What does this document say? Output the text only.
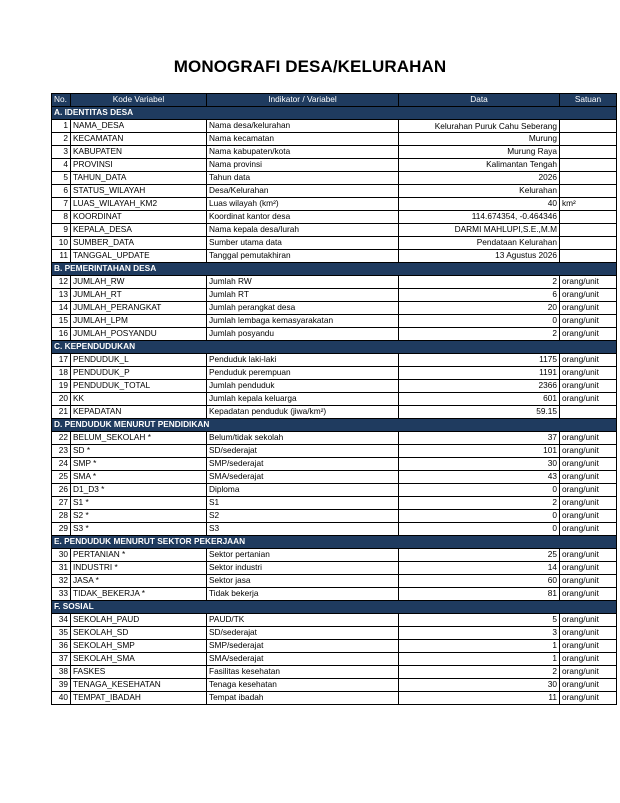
MONOGRAFI DESA/KELURAHAN
No.	Kode Variabel	Indikator / Variabel	Data	Satuan
A. IDENTITAS DESA				
1	NAMA_DESA	Nama desa/kelurahan	Kelurahan Puruk Cahu Seberang	
2	KECAMATAN	Nama kecamatan	Murung	
3	KABUPATEN	Nama kabupaten/kota	Murung Raya	
4	PROVINSI	Nama provinsi	Kalimantan Tengah	
5	TAHUN_DATA	Tahun data	2026	
6	STATUS_WILAYAH	Desa/Kelurahan	Kelurahan	
7	LUAS_WILAYAH_KM2	Luas wilayah (km²)	40	km²
8	KOORDINAT	Koordinat kantor desa	114.674354, -0.464346	
9	KEPALA_DESA	Nama kepala desa/lurah	DARMI MAHLUPI,S.E.,M.M	
10	SUMBER_DATA	Sumber utama data	Pendataan Kelurahan	
11	TANGGAL_UPDATE	Tanggal pemutakhiran	13 Agustus 2026	
B. PEMERINTAHAN DESA				
12	JUMLAH_RW	Jumlah RW	2	orang/unit
13	JUMLAH_RT	Jumlah RT	6	orang/unit
14	JUMLAH_PERANGKAT	Jumlah perangkat desa	20	orang/unit
15	JUMLAH_LPM	Jumlah lembaga kemasyarakatan	0	orang/unit
16	JUMLAH_POSYANDU	Jumlah posyandu	2	orang/unit
C. KEPENDUDUKAN				
17	PENDUDUK_L	Penduduk laki-laki	1175	orang/unit
18	PENDUDUK_P	Penduduk perempuan	1191	orang/unit
19	PENDUDUK_TOTAL	Jumlah penduduk	2366	orang/unit
20	KK	Jumlah kepala keluarga	601	orang/unit
21	KEPADATAN	Kepadatan penduduk (jiwa/km²)	59.15	
D. PENDUDUK MENURUT PENDIDIKAN				
22	BELUM_SEKOLAH *	Belum/tidak sekolah	37	orang/unit
23	SD *	SD/sederajat	101	orang/unit
24	SMP *	SMP/sederajat	30	orang/unit
25	SMA *	SMA/sederajat	43	orang/unit
26	D1_D3 *	Diploma	0	orang/unit
27	S1 *	S1	2	orang/unit
28	S2 *	S2	0	orang/unit
29	S3 *	S3	0	orang/unit
E. PENDUDUK MENURUT SEKTOR PEKERJAAN				
30	PERTANIAN *	Sektor pertanian	25	orang/unit
31	INDUSTRI *	Sektor industri	14	orang/unit
32	JASA *	Sektor jasa	60	orang/unit
33	TIDAK_BEKERJA *	Tidak bekerja	81	orang/unit
F. SOSIAL				
34	SEKOLAH_PAUD	PAUD/TK	5	orang/unit
35	SEKOLAH_SD	SD/sederajat	3	orang/unit
36	SEKOLAH_SMP	SMP/sederajat	1	orang/unit
37	SEKOLAH_SMA	SMA/sederajat	1	orang/unit
38	FASKES	Fasilitas kesehatan	2	orang/unit
39	TENAGA_KESEHATAN	Tenaga kesehatan	30	orang/unit
40	TEMPAT_IBADAH	Tempat ibadah	11	orang/unit
